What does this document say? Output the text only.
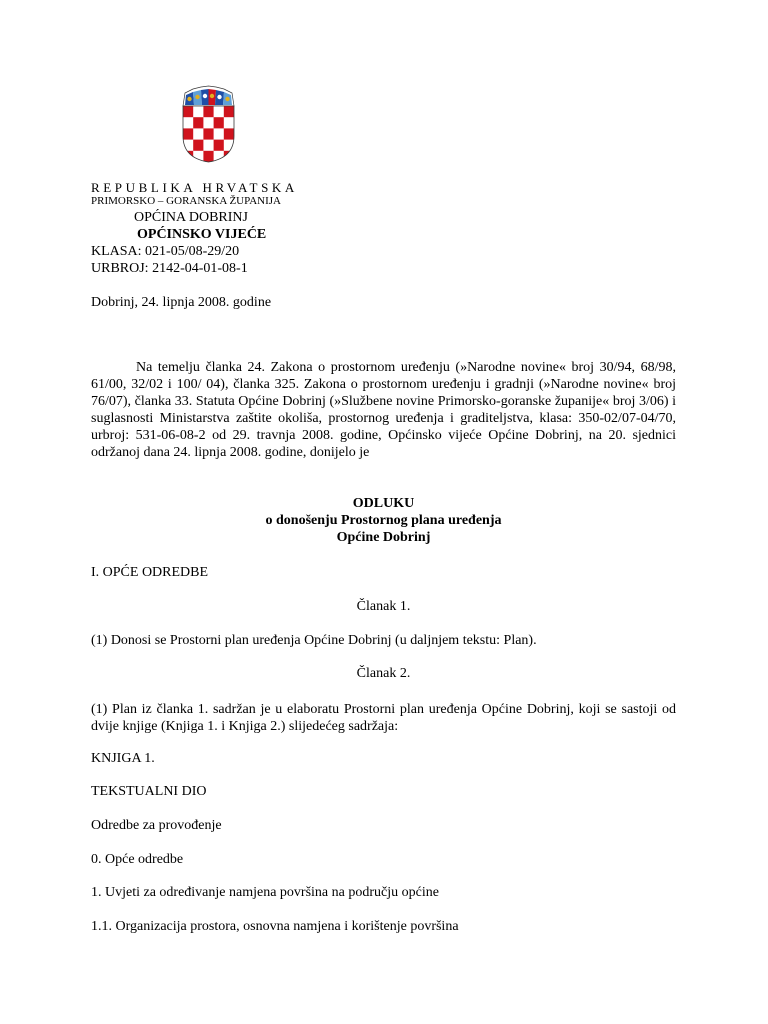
REPUBLIKA HRVATSKA
PRIMORSKO – GORANSKA ŽUPANIJA
OPĆINA DOBRINJ
OPĆINSKO VIJEĆE
KLASA: 021-05/08-29/20
URBROJ: 2142-04-01-08-1
Dobrinj, 24. lipnja 2008. godine

Na temelju članka 24. Zakona o prostornom uređenju (»Narodne novine« broj 30/94, 68/98, 61/00, 32/02 i 100/ 04), članka 325. Zakona o prostornom uređenju i gradnji (»Narodne novine« broj 76/07), članka 33. Statuta Općine Dobrinj (»Službene novine Primorsko-goranske županije« broj 3/06) i suglasnosti Ministarstva zaštite okoliša, prostornog uređenja i graditeljstva, klasa: 350-02/07-04/70, urbroj: 531-06-08-2 od 29. travnja 2008. godine, Općinsko vijeće Općine Dobrinj, na 20. sjednici održanoj dana 24. lipnja 2008. godine, donijelo je

ODLUKU
o donošenju Prostornog plana uređenja
Općine Dobrinj
I. OPĆE ODREDBE
Članak 1.
(1) Donosi se Prostorni plan uređenja Općine Dobrinj (u daljnjem tekstu: Plan).
Članak 2.

(1) Plan iz članka 1. sadržan je u elaboratu Prostorni plan uređenja Općine Dobrinj, koji se sastoji od dvije knjige (Knjiga 1. i Knjiga 2.) slijedećeg sadržaja:

KNJIGA 1.
TEKSTUALNI DIO
Odredbe za provođenje
0. Opće odredbe
1. Uvjeti za određivanje namjena površina na području općine
1.1. Organizacija prostora, osnovna namjena i korištenje površina
